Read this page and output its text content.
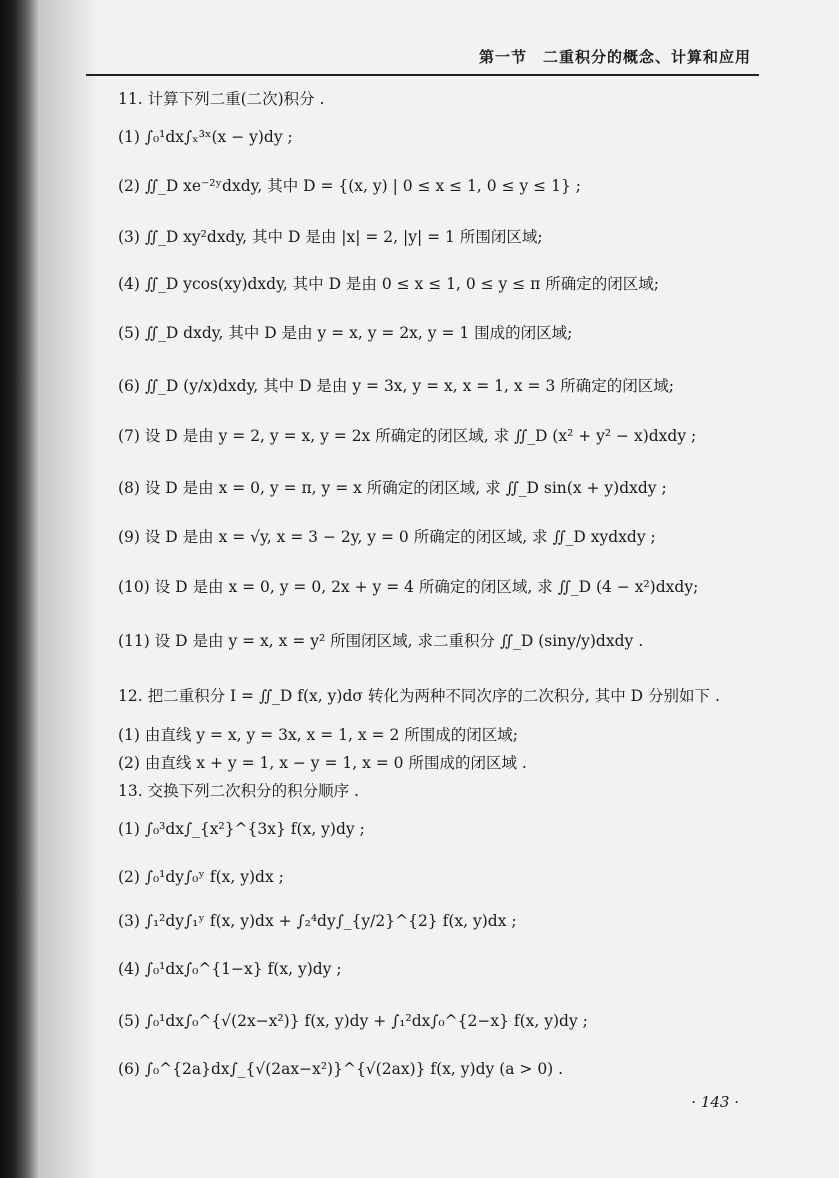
第一节　二重积分的概念、计算和应用
11. 计算下列二重(二次)积分 .
(1) ∫₀¹dx∫ₓ³ˣ(x − y)dy ;
(2) ∬_D xe⁻²ʸdxdy, 其中 D = {(x, y) | 0 ≤ x ≤ 1, 0 ≤ y ≤ 1} ;
(3) ∬_D xy²dxdy, 其中 D 是由 |x| = 2, |y| = 1 所围闭区域;
(4) ∬_D ycos(xy)dxdy, 其中 D 是由 0 ≤ x ≤ 1, 0 ≤ y ≤ π 所确定的闭区域;
(5) ∬_D dxdy, 其中 D 是由 y = x, y = 2x, y = 1 围成的闭区域;
(6) ∬_D (y/x)dxdy, 其中 D 是由 y = 3x, y = x, x = 1, x = 3 所确定的闭区域;
(7) 设 D 是由 y = 2, y = x, y = 2x 所确定的闭区域, 求 ∬_D (x² + y² − x)dxdy ;
(8) 设 D 是由 x = 0, y = π, y = x 所确定的闭区域, 求 ∬_D sin(x + y)dxdy ;
(9) 设 D 是由 x = √y, x = 3 − 2y, y = 0 所确定的闭区域, 求 ∬_D xydxdy ;
(10) 设 D 是由 x = 0, y = 0, 2x + y = 4 所确定的闭区域, 求 ∬_D (4 − x²)dxdy;
(11) 设 D 是由 y = x, x = y² 所围闭区域, 求二重积分 ∬_D (siny/y)dxdy .
12. 把二重积分 I = ∬_D f(x, y)dσ 转化为两种不同次序的二次积分, 其中 D 分别如下 .
(1) 由直线 y = x, y = 3x, x = 1, x = 2 所围成的闭区域;
(2) 由直线 x + y = 1, x − y = 1, x = 0 所围成的闭区域 .
13. 交换下列二次积分的积分顺序 .
(1) ∫₀³dx∫_{x²}^{3x} f(x, y)dy ;
(2) ∫₀¹dy∫₀ʸ f(x, y)dx ;
(3) ∫₁²dy∫₁ʸ f(x, y)dx + ∫₂⁴dy∫_{y/2}^{2} f(x, y)dx ;
(4) ∫₀¹dx∫₀^{1−x} f(x, y)dy ;
(5) ∫₀¹dx∫₀^{√(2x−x²)} f(x, y)dy + ∫₁²dx∫₀^{2−x} f(x, y)dy ;
(6) ∫₀^{2a}dx∫_{√(2ax−x²)}^{√(2ax)} f(x, y)dy (a > 0) .
· 143 ·
